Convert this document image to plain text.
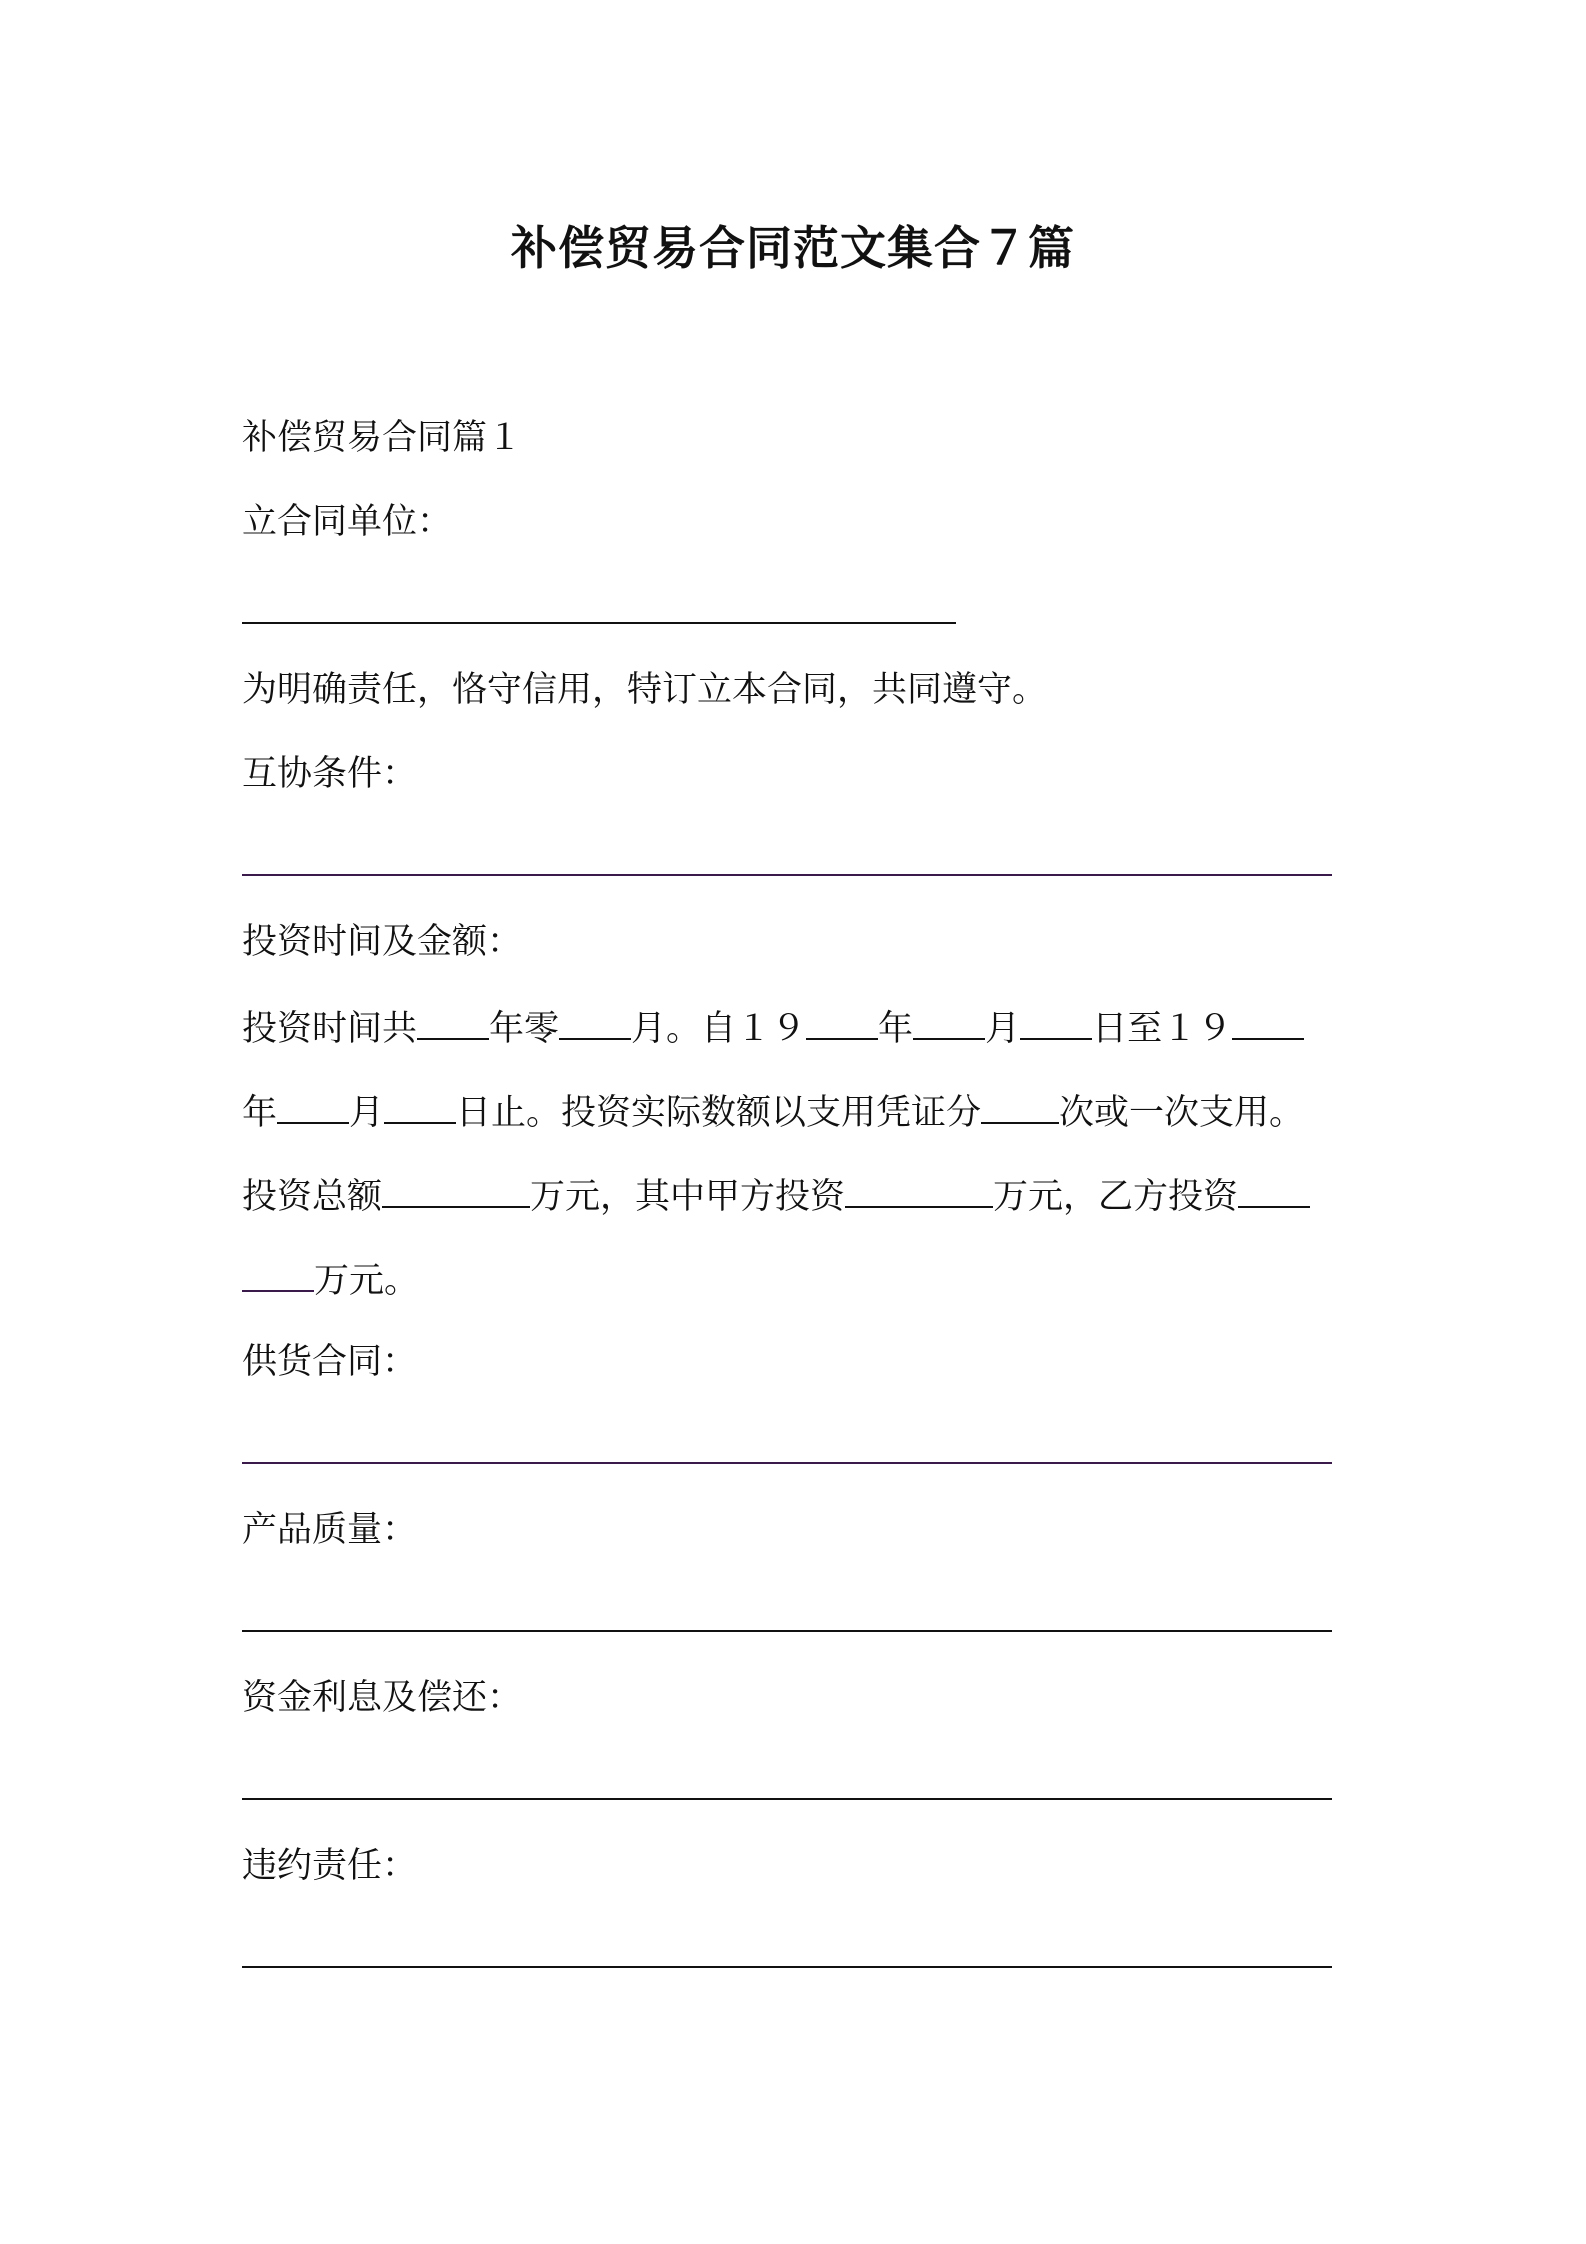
补偿贸易合同范文集合７篇

补偿贸易合同篇１

立合同单位：

为明确责任，恪守信用，特订立本合同，共同遵守。

互协条件：

投资时间及金额：

投资时间共 年零 月。自１９ 年 月 日至１９

年 月 日止。投资实际数额以支用凭证分 次或一次支用。

投资总额	万元，其中甲方投资	万元，乙方投资

万元。

供货合同：

产品质量：

资金利息及偿还：

违约责任：
